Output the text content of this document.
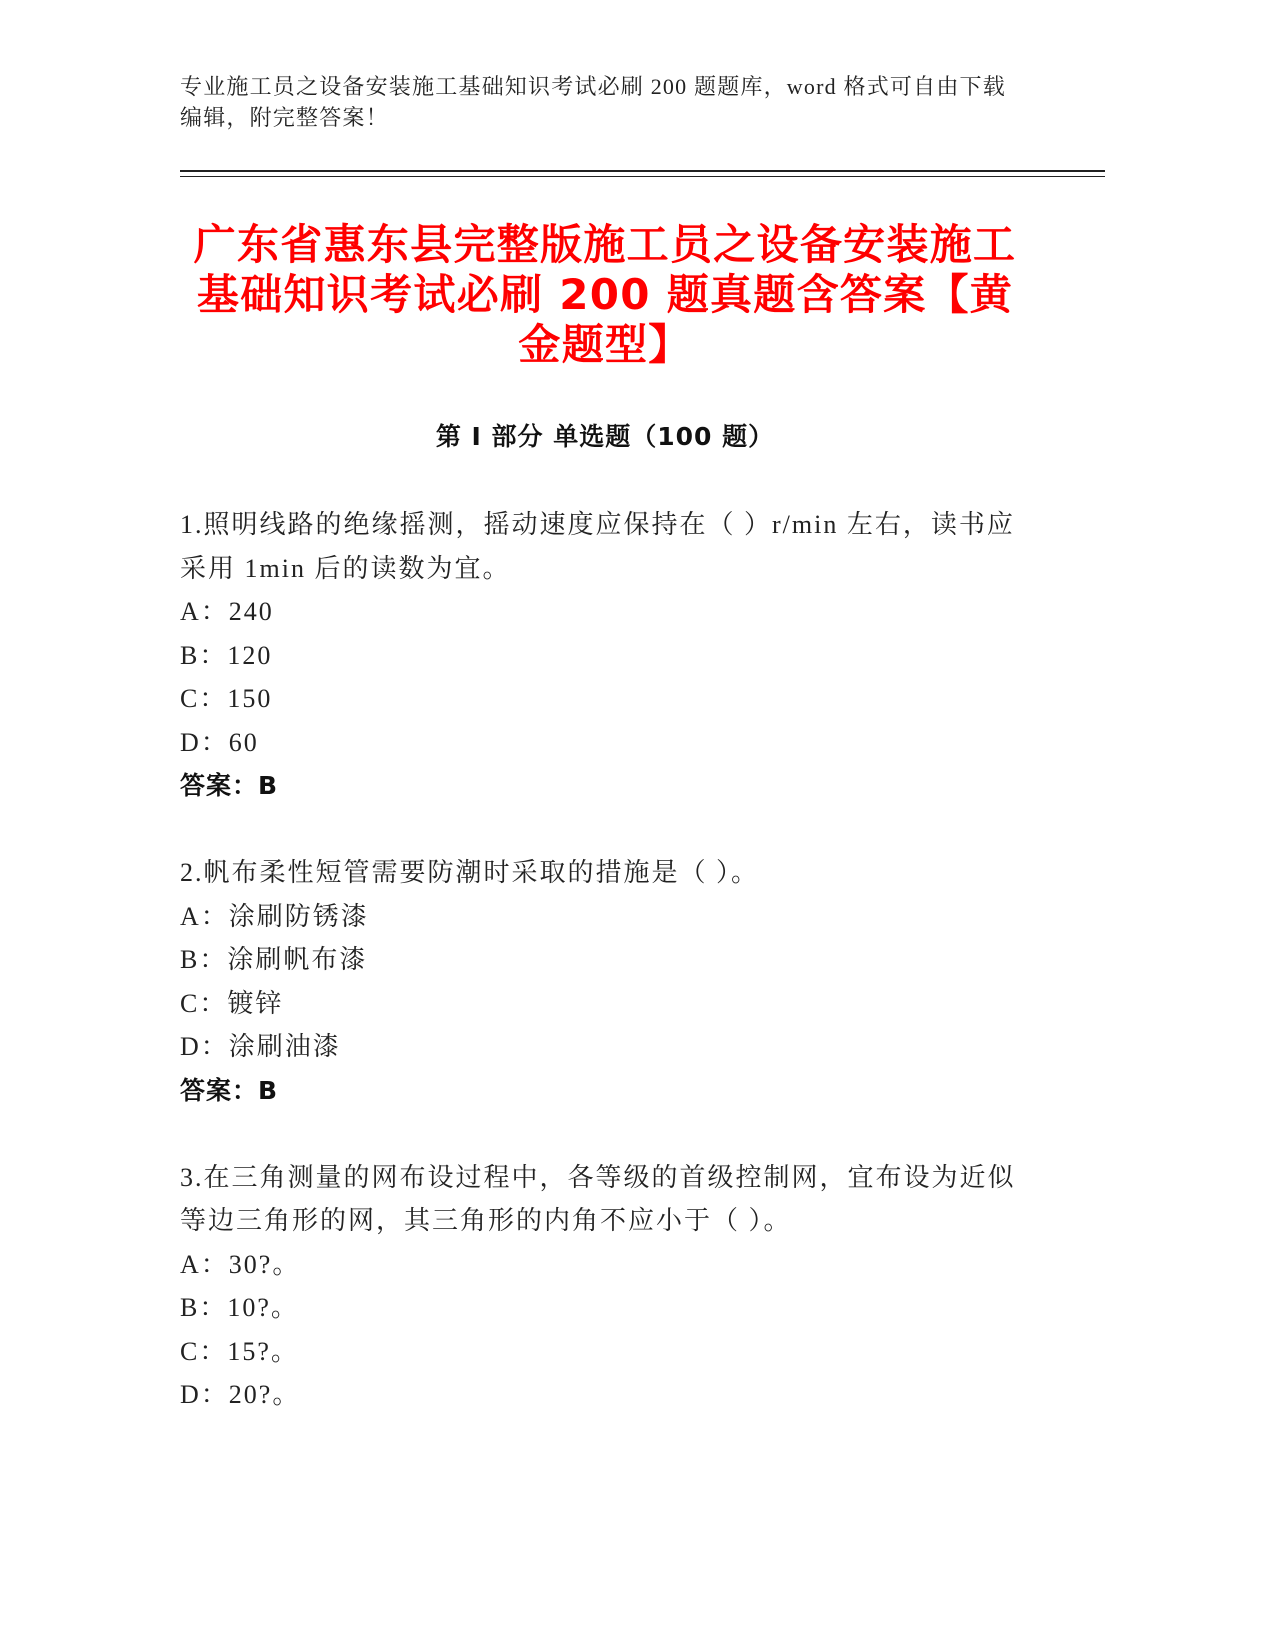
专业施工员之设备安装施工基础知识考试必刷 200 题题库，word 格式可自由下载编辑，附完整答案！
广东省惠东县完整版施工员之设备安装施工基础知识考试必刷 200 题真题含答案【黄金题型】
第 I 部分 单选题（100 题）
1.照明线路的绝缘摇测，摇动速度应保持在（ ）r/min 左右，读书应采用 1min 后的读数为宜。
A：240
B：120
C：150
D：60
答案：B
2.帆布柔性短管需要防潮时采取的措施是（ ）。
A：涂刷防锈漆
B：涂刷帆布漆
C：镀锌
D：涂刷油漆
答案：B
3.在三角测量的网布设过程中，各等级的首级控制网，宜布设为近似等边三角形的网，其三角形的内角不应小于（ ）。
A：30?。
B：10?。
C：15?。
D：20?。
